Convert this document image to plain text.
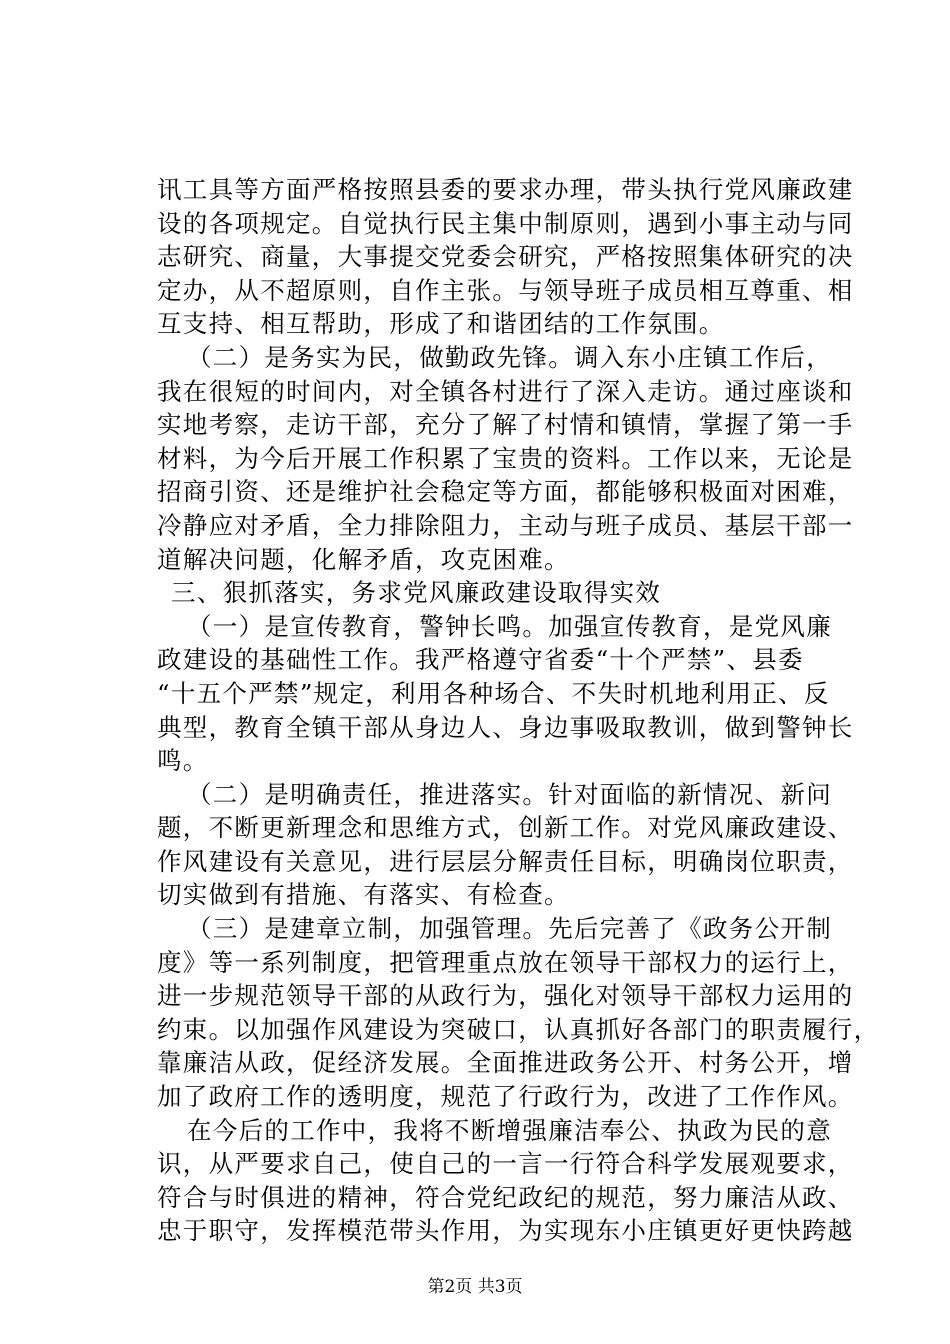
讯工具等方面严格按照县委的要求办理，带头执行党风廉政建
设的各项规定。自觉执行民主集中制原则，遇到小事主动与同
志研究、商量，大事提交党委会研究，严格按照集体研究的决
定办，从不超原则，自作主张。与领导班子成员相互尊重、相
互支持、相互帮助，形成了和谐团结的工作氛围。
（二）是务实为民，做勤政先锋。调入东小庄镇工作后，
我在很短的时间内，对全镇各村进行了深入走访。通过座谈和
实地考察，走访干部，充分了解了村情和镇情，掌握了第一手
材料，为今后开展工作积累了宝贵的资料。工作以来，无论是
招商引资、还是维护社会稳定等方面，都能够积极面对困难，
冷静应对矛盾，全力排除阻力，主动与班子成员、基层干部一
道解决问题，化解矛盾，攻克困难。
三、狠抓落实，务求党风廉政建设取得实效
（一）是宣传教育，警钟长鸣。加强宣传教育，是党风廉
政建设的基础性工作。我严格遵守省委“十个严禁”、县委
“十五个严禁”规定，利用各种场合、不失时机地利用正、反
典型，教育全镇干部从身边人、身边事吸取教训，做到警钟长
鸣。
（二）是明确责任，推进落实。针对面临的新情况、新问
题，不断更新理念和思维方式，创新工作。对党风廉政建设、
作风建设有关意见，进行层层分解责任目标，明确岗位职责，
切实做到有措施、有落实、有检查。
（三）是建章立制，加强管理。先后完善了《政务公开制
度》等一系列制度，把管理重点放在领导干部权力的运行上，
进一步规范领导干部的从政行为，强化对领导干部权力运用的
约束。以加强作风建设为突破口，认真抓好各部门的职责履行，
靠廉洁从政，促经济发展。全面推进政务公开、村务公开，增
加了政府工作的透明度，规范了行政行为，改进了工作作风。
在今后的工作中，我将不断增强廉洁奉公、执政为民的意
识，从严要求自己，使自己的一言一行符合科学发展观要求，
符合与时俱进的精神，符合党纪政纪的规范，努力廉洁从政、
忠于职守，发挥模范带头作用，为实现东小庄镇更好更快跨越
第2页 共3页
